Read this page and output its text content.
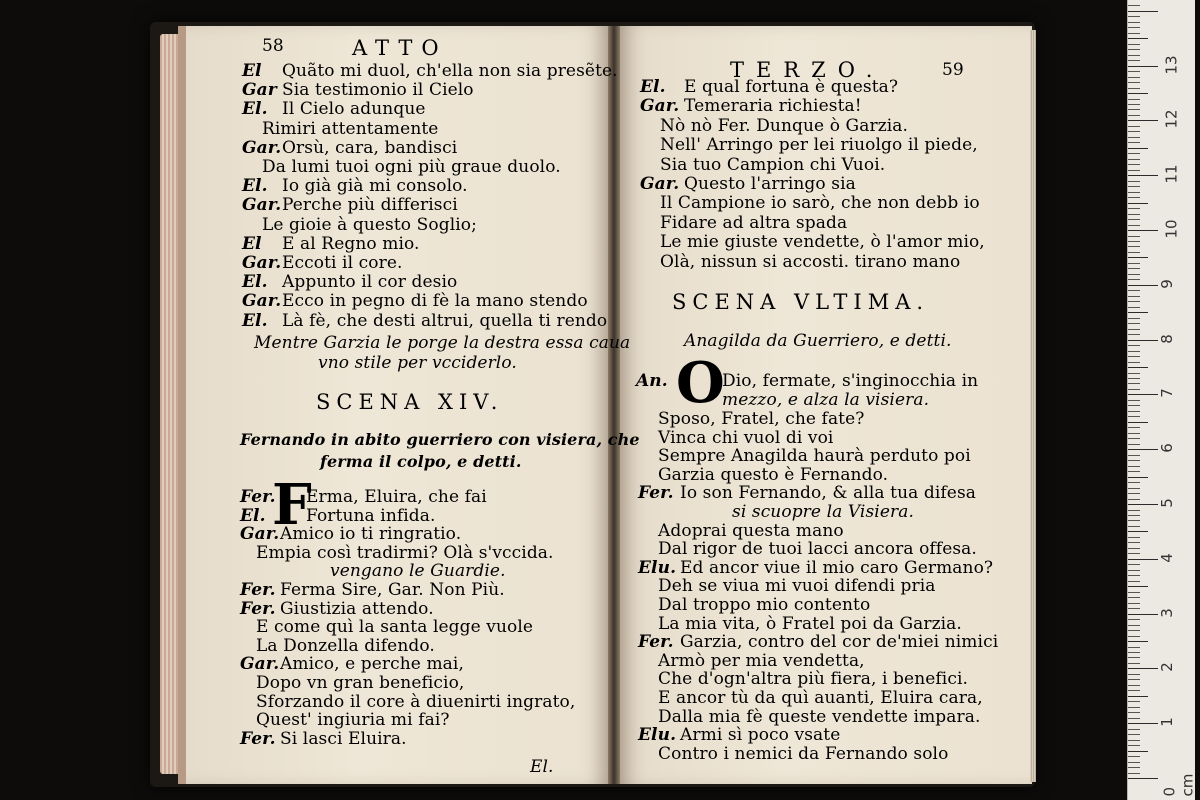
58	ATTO
El Quãto mi duol, ch'ella non sia presẽte.
Gar Sia testimonio il Cielo
El. Il Cielo adunque
Rimiri attentamente
Gar. Orsù, cara, bandisci
Da lumi tuoi ogni più graue duolo.
El. Io già già mi consolo.
Gar. Perche più differisci
Le gioie à questo Soglio;
El E al Regno mio.
Gar. Eccoti il core.
El. Appunto il cor desio
Gar. Ecco in pegno di fè la mano stendo
El. Là fè, che desti altrui, quella ti rendo
Mentre Garzia le porge la destra essa caua
vno stile per vcciderlo.
SCENA XIV.
Fernando in abito guerriero con visiera, che
ferma il colpo, e detti.
F
Fer. Erma, Eluira, che fai
El. Fortuna infida.
Gar. Amico io ti ringratio.
Empia così tradirmi? Olà s'vccida.
vengano le Guardie.
Fer. Ferma Sire, Gar. Non Più.
Fer. Giustizia attendo.
E come quì la santa legge vuole
La Donzella difendo.
Gar. Amico, e perche mai,
Dopo vn gran beneficio,
Sforzando il core à diuenirti ingrato,
Quest' ingiuria mi fai?
Fer. Si lasci Eluira.
El.
TERZO.	59
El. E qual fortuna è questa?
Gar. Temeraria richiesta!
Nò nò Fer. Dunque ò Garzia.
Nell' Arringo per lei riuolgo il piede,
Sia tuo Campion chi Vuoi.
Gar. Questo l'arringo sia
Il Campione io sarò, che non debb io
Fidare ad altra spada
Le mie giuste vendette, ò l'amor mio,
Olà, nissun si accosti. tirano mano
SCENA VLTIMA.
Anagilda da Guerriero, e detti.
An. O
Dio, fermate, s'inginocchia in
mezzo, e alza la visiera.
Sposo, Fratel, che fate?
Vinca chi vuol di voi
Sempre Anagilda haurà perduto poi
Garzia questo è Fernando.
Fer. Io son Fernando, & alla tua difesa
si scuopre la Visiera.
Adoprai questa mano
Dal rigor de tuoi lacci ancora offesa.
Elu. Ed ancor viue il mio caro Germano?
Deh se viua mi vuoi difendi pria
Dal troppo mio contento
La mia vita, ò Fratel poi da Garzia.
Fer. Garzia, contro del cor de'miei nimici
Armò per mia vendetta,
Che d'ogn'altra più fiera, i benefici.
E ancor tù da quì auanti, Eluira cara,
Dalla mia fè queste vendette impara.
Elu. Armi sì poco vsate
Contro i nemici da Fernando solo
0 cm
1
2
3
4
5
6
7
8
9
10
11
12
13
